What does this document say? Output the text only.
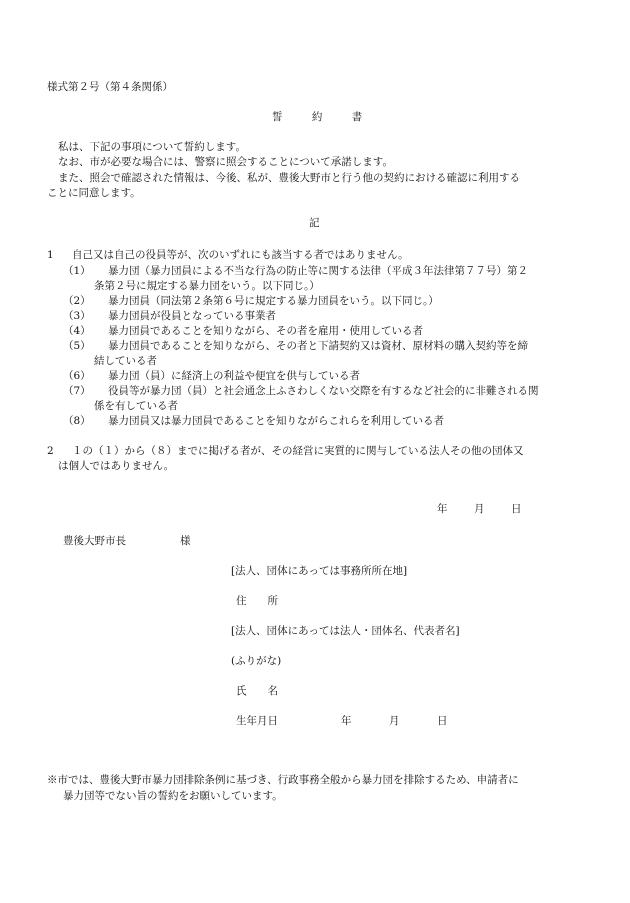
様式第２号（第４条関係）
誓	約	書
私は、下記の事項について誓約します。
なお、市が必要な場合には、警察に照会することについて承諾します。
また、照会で確認された情報は、今後、私が、豊後大野市と行う他の契約における確認に利用する
ことに同意します。
記
1 自己又は自己の役員等が、次のいずれにも該当する者ではありません。
（1） 暴力団（暴力団員による不当な行為の防止等に関する法律（平成３年法律第７７号）第２
条第２号に規定する暴力団をいう。以下同じ。）
（2） 暴力団員（同法第２条第６号に規定する暴力団員をいう。以下同じ。）
（3） 暴力団員が役員となっている事業者
（4） 暴力団員であることを知りながら、その者を雇用・使用している者
（5） 暴力団員であることを知りながら、その者と下請契約又は資材、原材料の購入契約等を締
結している者
（6） 暴力団（員）に経済上の利益や便宜を供与している者
（7） 役員等が暴力団（員）と社会通念上ふさわしくない交際を有するなど社会的に非難される関
係を有している者
（8） 暴力団員又は暴力団員であることを知りながらこれらを利用している者
2 １の（１）から（８）までに掲げる者が、その経営に実質的に関与している法人その他の団体又
は個人ではありません。
年	月	日
豊後大野市長	様
[法人、団体にあっては事務所所在地]
住　　所
[法人、団体にあっては法人・団体名、代表者名]
(ふりがな)
氏　　名
生年月日	年	月	日
※市では、豊後大野市暴力団排除条例に基づき、行政事務全般から暴力団を排除するため、申請者に
暴力団等でない旨の誓約をお願いしています。
